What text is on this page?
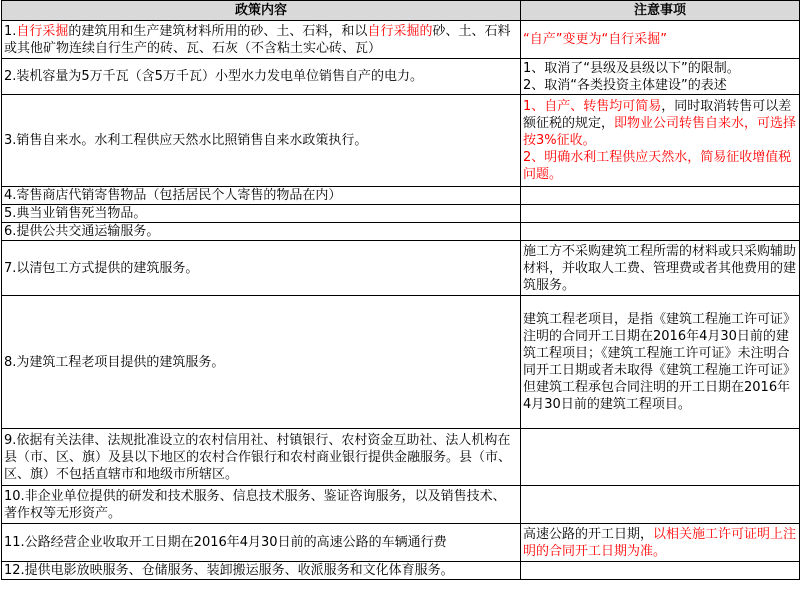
政策内容	注意事项
1.自行采掘的建筑用和生产建筑材料所用的砂、土、石料，和以自行采掘的砂、土、石料或其他矿物连续自行生产的砖、瓦、石灰（不含粘土实心砖、瓦）	“自产”变更为“自行采掘”
2.装机容量为5万千瓦（含5万千瓦）小型水力发电单位销售自产的电力。	1、取消了“县级及县级以下”的限制。
2、取消“各类投资主体建设”的表述
3.销售自来水。水利工程供应天然水比照销售自来水政策执行。	1、自产、转售均可简易，同时取消转售可以差额征税的规定，即物业公司转售自来水，可选择按3%征收。
2、明确水利工程供应天然水，简易征收增值税问题。
4.寄售商店代销寄售物品（包括居民个人寄售的物品在内）	
5.典当业销售死当物品。	
6.提供公共交通运输服务。	
7.以清包工方式提供的建筑服务。	施工方不采购建筑工程所需的材料或只采购辅助材料，并收取人工费、管理费或者其他费用的建筑服务。
8.为建筑工程老项目提供的建筑服务。	建筑工程老项目，是指《建筑工程施工许可证》注明的合同开工日期在2016年4月30日前的建筑工程项目；《建筑工程施工许可证》未注明合同开工日期或者未取得《建筑工程施工许可证》但建筑工程承包合同注明的开工日期在2016年4月30日前的建筑工程项目。
9.依据有关法律、法规批准设立的农村信用社、村镇银行、农村资金互助社、法人机构在县（市、区、旗）及县以下地区的农村合作银行和农村商业银行提供金融服务。县（市、区、旗）不包括直辖市和地级市所辖区。	
10.非企业单位提供的研发和技术服务、信息技术服务、鉴证咨询服务，以及销售技术、著作权等无形资产。	
11.公路经营企业收取开工日期在2016年4月30日前的高速公路的车辆通行费	高速公路的开工日期，以相关施工许可证明上注明的合同开工日期为准。
12.提供电影放映服务、仓储服务、装卸搬运服务、收派服务和文化体育服务。	
